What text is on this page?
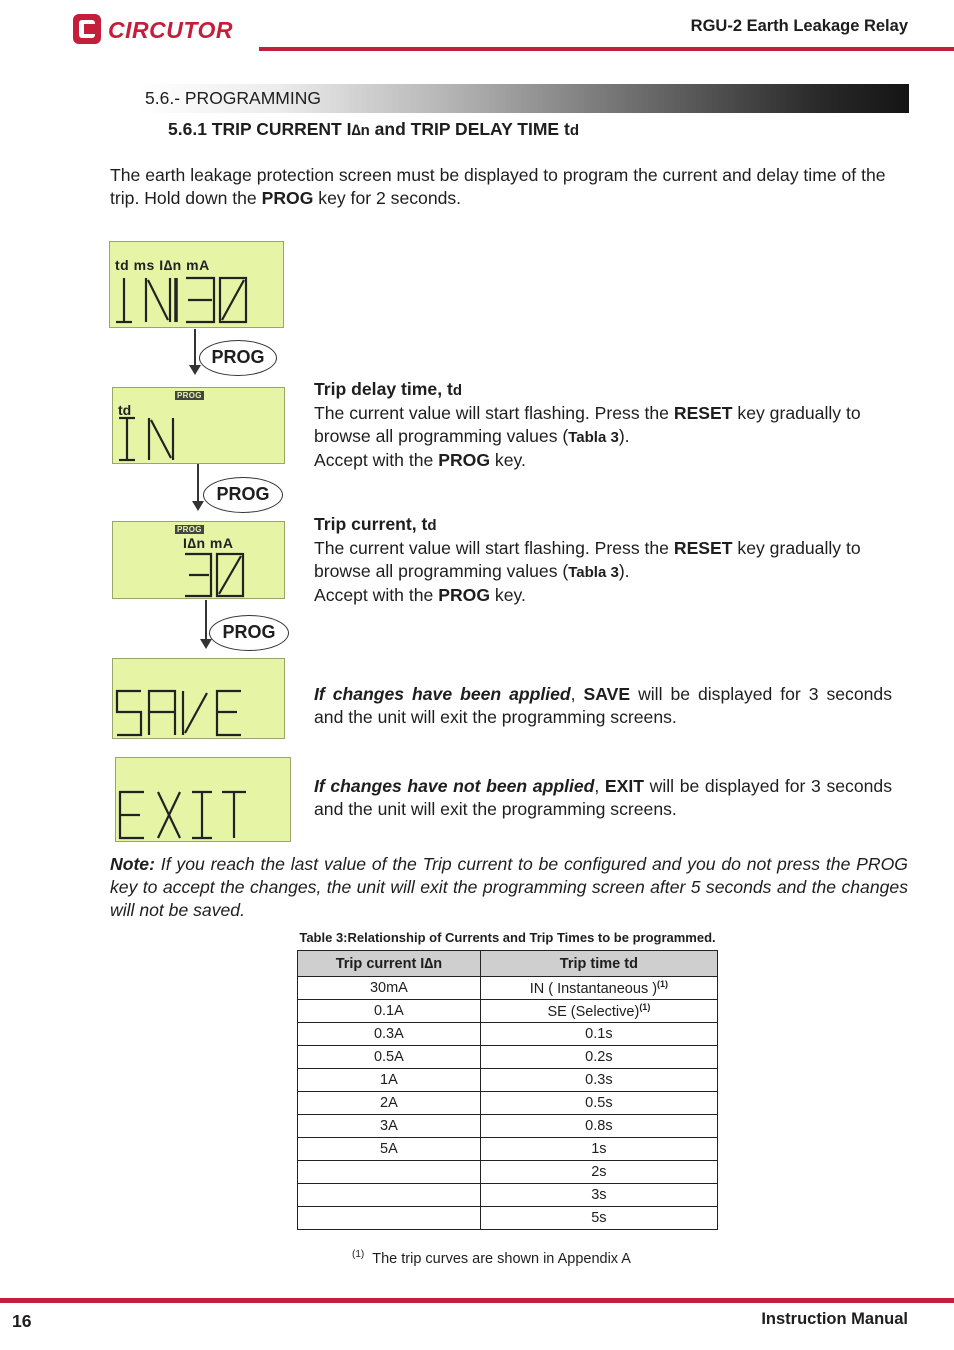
CIRCUTOR	RGU-2 Earth Leakage Relay
5.6.- PROGRAMMING
5.6.1 TRIP CURRENT I∆n and TRIP DELAY TIME td
The earth leakage protection screen must be displayed to program the current and delay time of the trip. Hold down the PROG key for 2 seconds.
td ms I∆n mA
PROG
PROG
td
PROG
Trip delay time, td
The current value will start flashing. Press the RESET key gradually to browse all programming values (Tabla 3).
Accept with the PROG key.
PROG
I∆n mA
PROG
Trip current, td
The current value will start flashing. Press the RESET key gradually to browse all programming values (Tabla 3).
Accept with the PROG key.
If changes have been applied, SAVE will be displayed for 3 seconds and the unit will exit the programming screens.
If changes have not been applied, EXIT will be displayed for 3 seconds and the unit will exit the programming screens.
Note: If you reach the last value of the Trip current to be configured and you do not press the PROG key to accept the changes, the unit will exit the programming screen after 5 seconds and the changes will not be saved.
Table 3:Relationship of Currents and Trip Times to be programmed.
Trip current I∆n	Trip time td
30mA	IN ( Instantaneous )$^{(1)}$
0.1A	SE (Selective)$^{(1)}$
0.3A	0.1s
0.5A	0.2s
1A	0.3s
2A	0.5s
3A	0.8s
5A	1s
	2s
	3s
	5s
$^{(1)}$ The trip curves are shown in Appendix A
16	Instruction Manual
